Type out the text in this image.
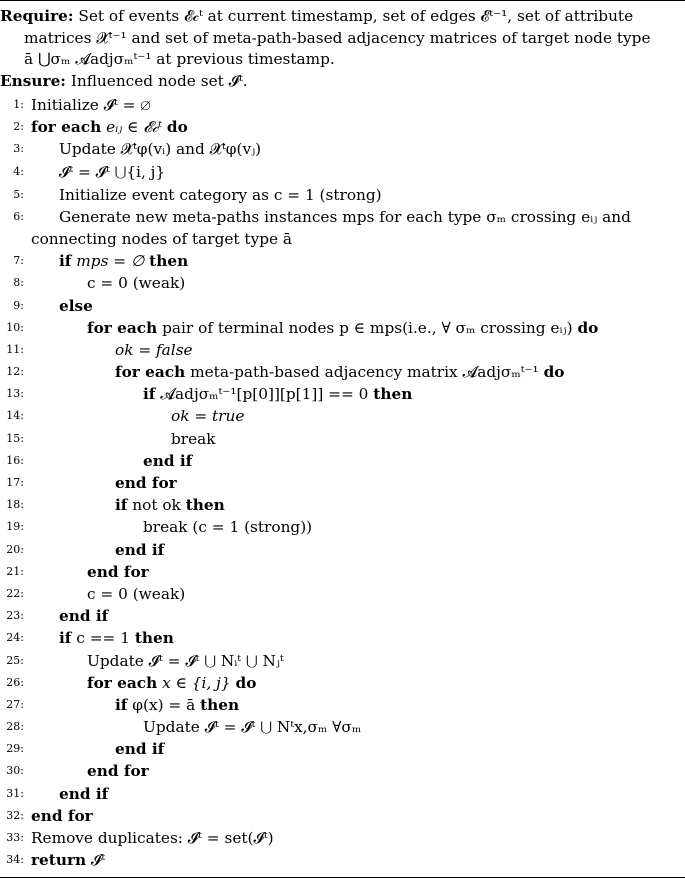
Require: Set of events 𝓔𝒸ᵗ at current timestamp, set of edges 𝓔ᵗ⁻¹, set of attribute
matrices 𝓧ᵗ⁻¹ and set of meta-path-based adjacency matrices of target node type
ā ⋃σₘ 𝓐adjσₘᵗ⁻¹ at previous timestamp.
Ensure: Influenced node set 𝓘ᵗ.
1: Initialize 𝓘ᵗ = ∅
2: for each eᵢⱼ ∈ 𝓔𝒸ᵗ do
3: Update 𝓧ᵗφ(vᵢ) and 𝓧ᵗφ(vⱼ)
4: 𝓘ᵗ = 𝓘ᵗ ⋃{i, j}
5: Initialize event category as c = 1 (strong)
6: Generate new meta-paths instances mps for each type σₘ crossing eᵢⱼ and
connecting nodes of target type ā
7: if mps = ∅ then
8:	c = 0 (weak)
9: else
10:	for each pair of terminal nodes p ∈ mps(i.e., ∀ σₘ crossing eᵢⱼ) do
11:	ok = false
12:	for each meta-path-based adjacency matrix 𝓐adjσₘᵗ⁻¹ do
13:	if 𝓐adjσₘᵗ⁻¹[p[0]][p[1]] == 0 then
14:	ok = true
15:	break
16:	end if
17:	end for
18:	if not ok then
19:	break (c = 1 (strong))
20:	end if
21:	end for
22:	c = 0 (weak)
23: end if
24: if c == 1 then
25:	Update 𝓘ᵗ = 𝓘ᵗ ⋃ Nᵢᵗ ⋃ Nⱼᵗ
26:	for each x ∈ {i, j} do
27:	if φ(x) = ā then
28:	Update 𝓘ᵗ = 𝓘ᵗ ⋃ Nᵗx,σₘ ∀σₘ
29:	end if
30:	end for
31: end if
32: end for
33: Remove duplicates: 𝓘ᵗ = set(𝓘ᵗ)
34: return 𝓘ᵗ
